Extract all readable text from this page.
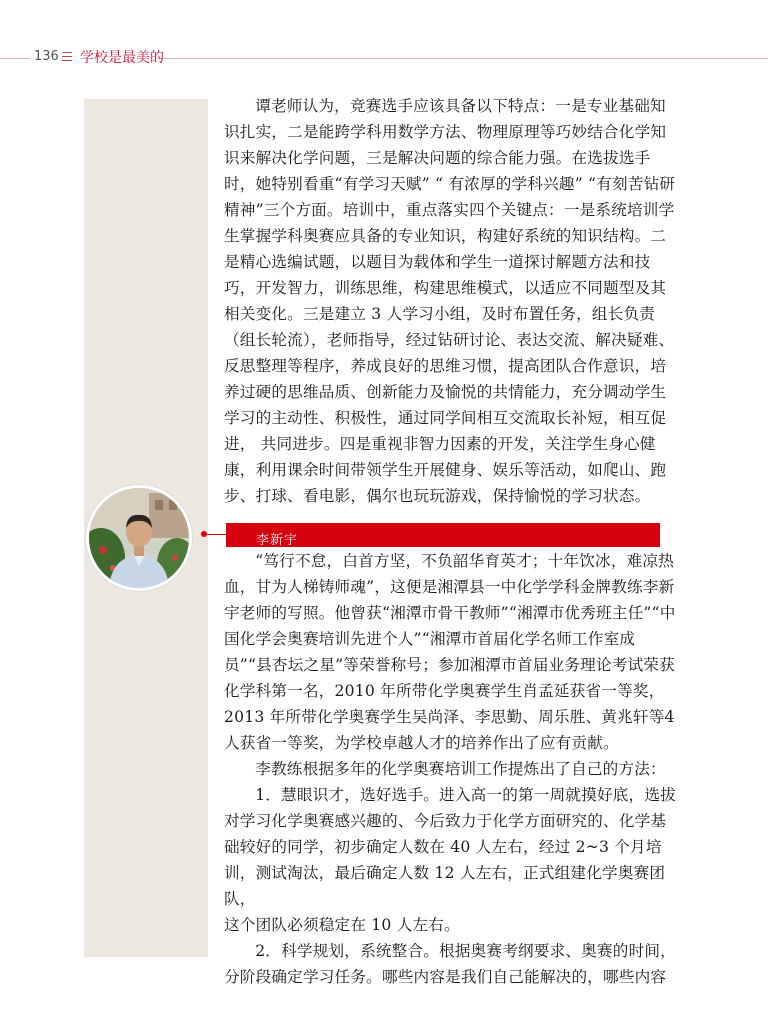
136 学校是最美的

谭老师认为，竞赛选手应该具备以下特点：一是专业基础知识扎实，二是能跨学科用数学方法、物理原理等巧妙结合化学知识来解决化学问题，三是解决问题的综合能力强。在选拔选手时，她特别看重“有学习天赋” “ 有浓厚的学科兴趣” “有刻苦钻研精神”三个方面。培训中，重点落实四个关键点：一是系统培训学生掌握学科奥赛应具备的专业知识，构建好系统的知识结构。二是精心选编试题，以题目为载体和学生一道探讨解题方法和技巧，开发智力，训练思维，构建思维模式，以适应不同题型及其相关变化。三是建立 3 人学习小组，及时布置任务，组长负责（组长轮流），老师指导，经过钻研讨论、表达交流、解决疑难、反思整理等程序，养成良好的思维习惯，提高团队合作意识，培养过硬的思维品质、创新能力及愉悦的共情能力，充分调动学生学习的主动性、积极性，通过同学间相互交流取长补短，相互促进， 共同进步。四是重视非智力因素的开发，关注学生身心健康，利用课余时间带领学生开展健身、娱乐等活动，如爬山、跑步、打球、看电影，偶尔也玩玩游戏，保持愉悦的学习状态。

李新宇

“笃行不怠，白首方坚，不负韶华育英才；十年饮冰，难凉热血，甘为人梯铸师魂”，这便是湘潭县一中化学学科金牌教练李新宇老师的写照。他曾获“湘潭市骨干教师”“湘潭市优秀班主任”“中国化学会奥赛培训先进个人”“湘潭市首届化学名师工作室成员”“县杏坛之星”等荣誉称号；参加湘潭市首届业务理论考试荣获化学科第一名，2010 年所带化学奥赛学生肖孟延获省一等奖，2013 年所带化学奥赛学生吴尚泽、李思勤、周乐胜、黄兆轩等4 人获省一等奖，为学校卓越人才的培养作出了应有贡献。

李教练根据多年的化学奥赛培训工作提炼出了自己的方法：

1．慧眼识才，选好选手。进入高一的第一周就摸好底，选拔对学习化学奥赛感兴趣的、今后致力于化学方面研究的、化学基础较好的同学，初步确定人数在 40 人左右，经过 2~3 个月培训，测试淘汰，最后确定人数 12 人左右，正式组建化学奥赛团队，

这个团队必须稳定在 10 人左右。

2．科学规划，系统整合。根据奥赛考纲要求、奥赛的时间，

分阶段确定学习任务。哪些内容是我们自己能解决的，哪些内容
